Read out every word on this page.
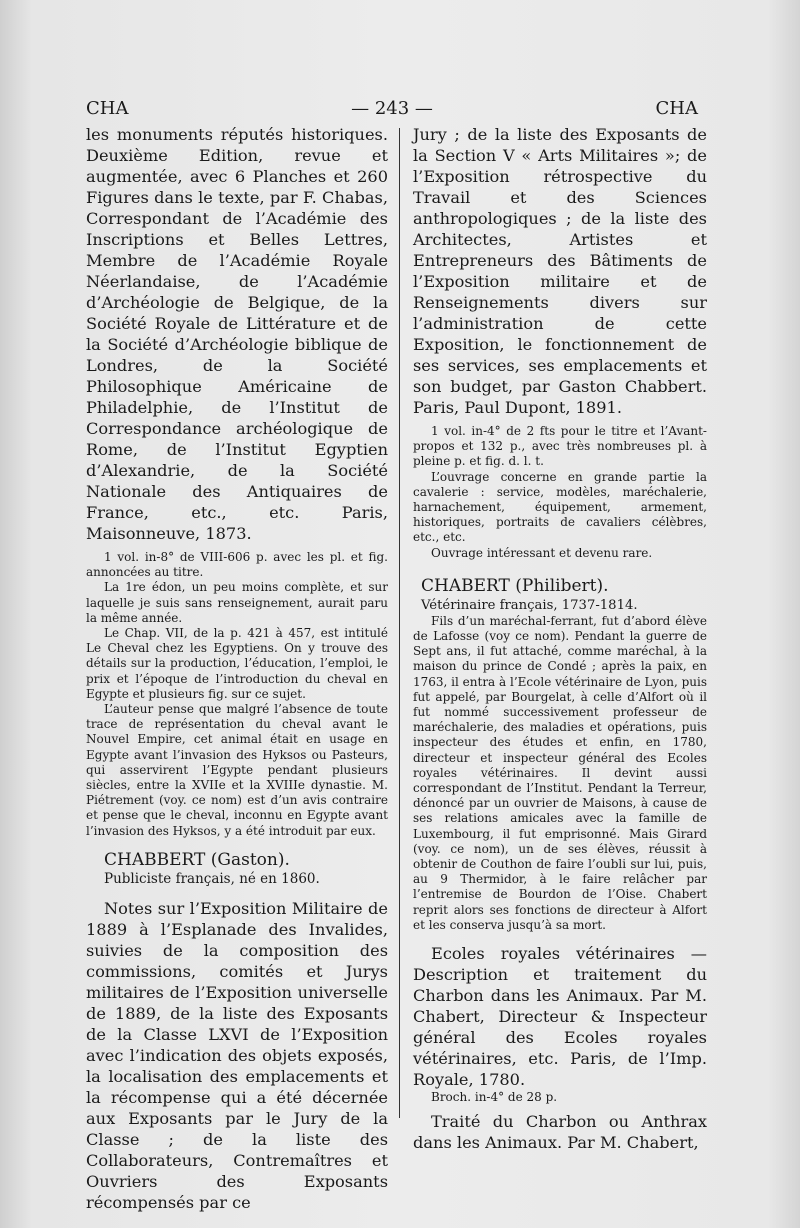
CHA	— 243 —	CHA

les monuments réputés historiques. Deuxième Edition, revue et augmentée, avec 6 Planches et 260 Figures dans le texte, par F. Chabas, Correspondant de l’Académie des Inscriptions et Belles Lettres, Membre de l’Académie Royale Néerlandaise, de l’Académie d’Archéologie de Belgique, de la Société Royale de Littérature et de la Société d’Archéologie biblique de Londres, de la Société Philosophique Américaine de Philadelphie, de l’Institut de Correspondance archéologique de Rome, de l’Institut Egyptien d’Alexandrie, de la Société Nationale des Antiquaires de France, etc., etc. Paris, Maisonneuve, 1873.

1 vol. in-8° de VIII-606 p. avec les pl. et fig. annoncées au titre.

La 1re édon, un peu moins complète, et sur laquelle je suis sans renseignement, aurait paru la même année.

Le Chap. VII, de la p. 421 à 457, est intitulé Le Cheval chez les Egyptiens. On y trouve des détails sur la production, l’éducation, l’emploi, le prix et l’époque de l’introduction du cheval en Egypte et plusieurs fig. sur ce sujet.

L’auteur pense que malgré l’absence de toute trace de représentation du cheval avant le Nouvel Empire, cet animal était en usage en Egypte avant l’invasion des Hyksos ou Pasteurs, qui asservirent l’Egypte pendant plusieurs siècles, entre la XVIIe et la XVIIIe dynastie. M. Piétrement (voy. ce nom) est d’un avis contraire et pense que le cheval, inconnu en Egypte avant l’invasion des Hyksos, y a été introduit par eux.

CHABBERT (Gaston).

Publiciste français, né en 1860.

Notes sur l’Exposition Militaire de 1889 à l’Esplanade des Invalides, suivies de la composition des commissions, comités et Jurys militaires de l’Exposition universelle de 1889, de la liste des Exposants de la Classe LXVI de l’Exposition avec l’indication des objets exposés, la localisation des emplacements et la récompense qui a été décernée aux Exposants par le Jury de la Classe ; de la liste des Collaborateurs, Contremaîtres et Ouvriers des Exposants récompensés par ce

Jury ; de la liste des Exposants de la Section V « Arts Militaires »; de l’Exposition rétrospective du Travail et des Sciences anthropologiques ; de la liste des Architectes, Artistes et Entrepreneurs des Bâtiments de l’Exposition militaire et de Renseignements divers sur l’administration de cette Exposition, le fonctionnement de ses services, ses emplacements et son budget, par Gaston Chabbert. Paris, Paul Dupont, 1891.

1 vol. in-4° de 2 fts pour le titre et l’Avant-propos et 132 p., avec très nombreuses pl. à pleine p. et fig. d. l. t.

L’ouvrage concerne en grande partie la cavalerie : service, modèles, maréchalerie, harnachement, équipement, armement, historiques, portraits de cavaliers célèbres, etc., etc.

Ouvrage intéressant et devenu rare.

CHABERT (Philibert).

Vétérinaire français, 1737-1814.

Fils d’un maréchal-ferrant, fut d’abord élève de Lafosse (voy ce nom). Pendant la guerre de Sept ans, il fut attaché, comme maréchal, à la maison du prince de Condé ; après la paix, en 1763, il entra à l’Ecole vétérinaire de Lyon, puis fut appelé, par Bourgelat, à celle d’Alfort où il fut nommé successivement professeur de maréchalerie, des maladies et opérations, puis inspecteur des études et enfin, en 1780, directeur et inspecteur général des Ecoles royales vétérinaires. Il devint aussi correspondant de l’Institut. Pendant la Terreur, dénoncé par un ouvrier de Maisons, à cause de ses relations amicales avec la famille de Luxembourg, il fut emprisonné. Mais Girard (voy. ce nom), un de ses élèves, réussit à obtenir de Couthon de faire l’oubli sur lui, puis, au 9 Thermidor, à le faire relâcher par l’entremise de Bourdon de l’Oise. Chabert reprit alors ses fonctions de directeur à Alfort et les conserva jusqu’à sa mort.

Ecoles royales vétérinaires — Description et traitement du Charbon dans les Animaux. Par M. Chabert, Directeur & Inspecteur général des Ecoles royales vétérinaires, etc. Paris, de l’Imp. Royale, 1780.

Broch. in-4° de 28 p.

Traité du Charbon ou Anthrax dans les Animaux. Par M. Chabert,
